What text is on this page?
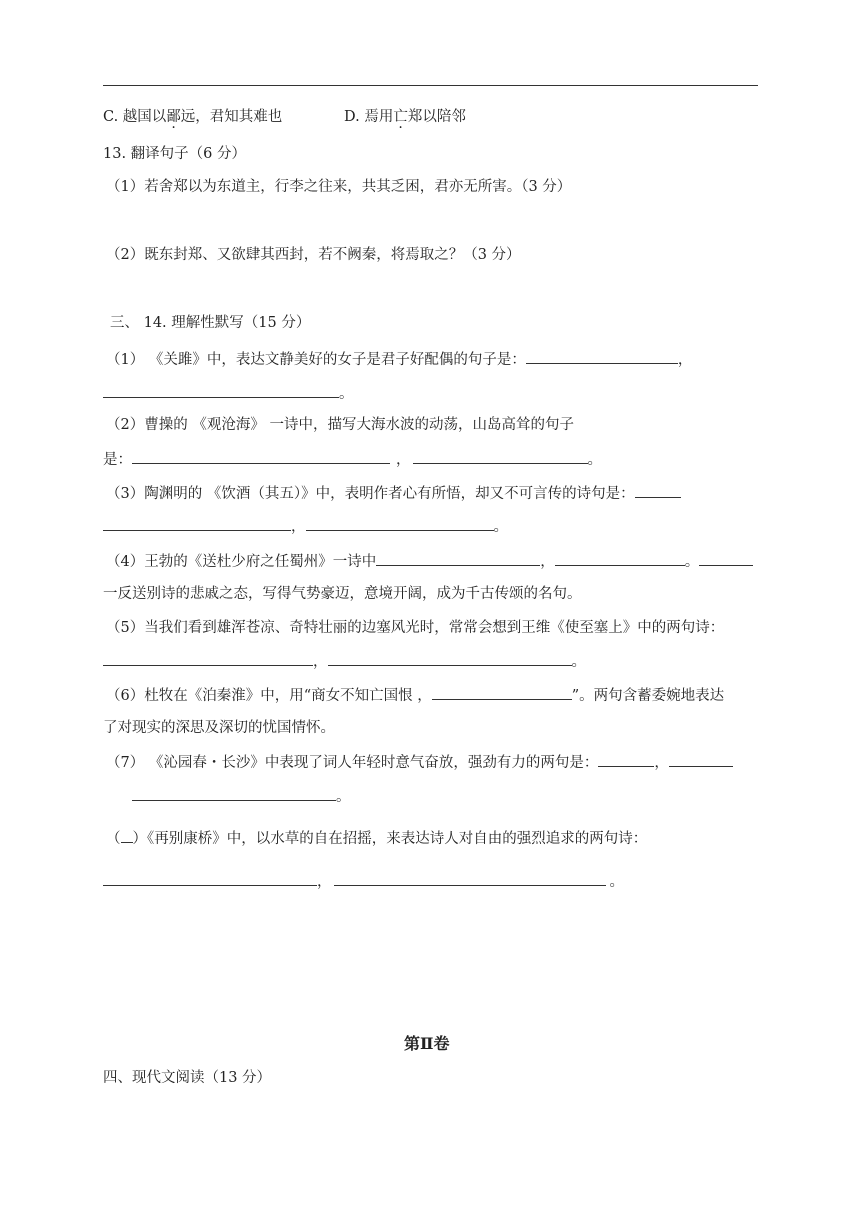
C. 越国以鄙远，君知其难也	D. 焉用亡郑以陪邻
13. 翻译句子（6 分）
（1）若舍郑以为东道主，行李之往来，共其乏困，君亦无所害。（3 分）
（2）既东封郑、又欲肆其西封，若不阙秦，将焉取之？（3 分）
三、 14. 理解性默写（15 分）
（1） 《关雎》中，表达文静美好的女子是君子好配偶的句子是：	，
。
（2）曹操的 《观沧海》 一诗中，描写大海水波的动荡，山岛高耸的句子
是：	，	。
（3）陶渊明的 《饮酒（其五）》中，表明作者心有所悟，却又不可言传的诗句是：
，	。
（4）王勃的《送杜少府之任蜀州》一诗中	，	。
一反送别诗的悲戚之态，写得气势豪迈，意境开阔，成为千古传颂的名句。
（5）当我们看到雄浑苍凉、奇特壮丽的边塞风光时，常常会想到王维《使至塞上》中的两句诗：
，	。
（6）杜牧在《泊秦淮》中，用“商女不知亡国恨 ，	”。两句含蓄委婉地表达
了对现实的深思及深切的忧国情怀。
（7） 《沁园春・长沙》中表现了词人年轻时意气奋放，强劲有力的两句是：	，
。
（ ）《再别康桥》中，以水草的自在招摇，来表达诗人对自由的强烈追求的两句诗：
，	。
第Ⅱ卷
四、现代文阅读（13 分）
